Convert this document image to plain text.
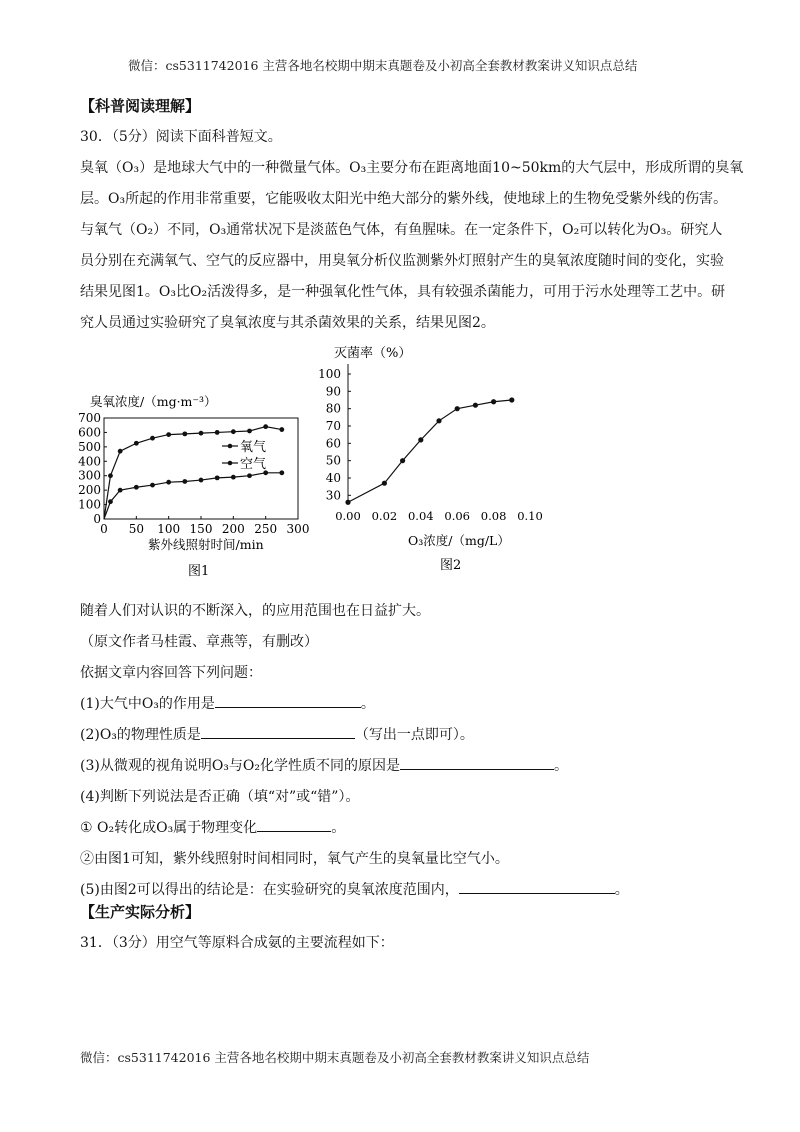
微信：cs5311742016 主营各地名校期中期末真题卷及小初高全套教材教案讲义知识点总结
【科普阅读理解】
30．（5分）阅读下面科普短文。
臭氧（O₃）是地球大气中的一种微量气体。O₃主要分布在距离地面10~50km的大气层中，形成所谓的臭氧
层。O₃所起的作用非常重要，它能吸收太阳光中绝大部分的紫外线，使地球上的生物免受紫外线的伤害。
与氧气（O₂）不同，O₃通常状况下是淡蓝色气体，有鱼腥味。在一定条件下，O₂可以转化为O₃。研究人
员分别在充满氧气、空气的反应器中，用臭氧分析仪监测紫外灯照射产生的臭氧浓度随时间的变化，实验
结果见图1。O₃比O₂活泼得多，是一种强氧化性气体，具有较强杀菌能力，可用于污水处理等工艺中。研
究人员通过实验研究了臭氧浓度与其杀菌效果的关系，结果见图2。
臭氧浓度/（mg·m⁻³）
0
100
200
300
400
500
600
700
0 50 100 150 200 250 300
氧气
空气
紫外线照射时间/min
图1
灭菌率（%）
30
40
50
60
70
80
90
100
0.00 0.02 0.04 0.06 0.08 0.10
O₃浓度/（mg/L）
图2
随着人们对认识的不断深入，的应用范围也在日益扩大。
（原文作者马桂霞、章燕等，有删改）
依据文章内容回答下列问题：
(1)大气中O₃的作用是	。
(2)O₃的物理性质是	（写出一点即可）。
(3)从微观的视角说明O₃与O₂化学性质不同的原因是	。
(4)判断下列说法是否正确（填“对”或“错”）。
① O₂转化成O₃属于物理变化	。
②由图1可知，紫外线照射时间相同时，氧气产生的臭氧量比空气小。
(5)由图2可以得出的结论是：在实验研究的臭氧浓度范围内，	。
【生产实际分析】
31．（3分）用空气等原料合成氨的主要流程如下：
微信：cs5311742016 主营各地名校期中期末真题卷及小初高全套教材教案讲义知识点总结
